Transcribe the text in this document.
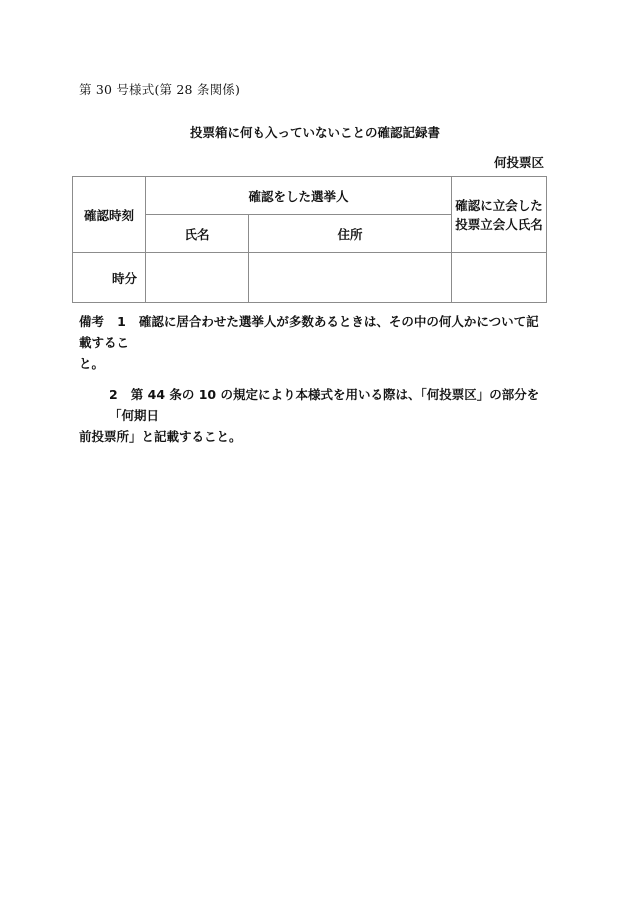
第 30 号様式(第 28 条関係)
投票箱に何も入っていないことの確認記録書
何投票区
確認時刻	確認をした選挙人		確認に立会した
投票立会人氏名

	氏名	住所	
時分			

備考 1 確認に居合わせた選挙人が多数あるときは、その中の何人かについて記載するこ

と。

2 第 44 条の 10 の規定により本様式を用いる際は、「何投票区」の部分を「何期日

前投票所」と記載すること。
